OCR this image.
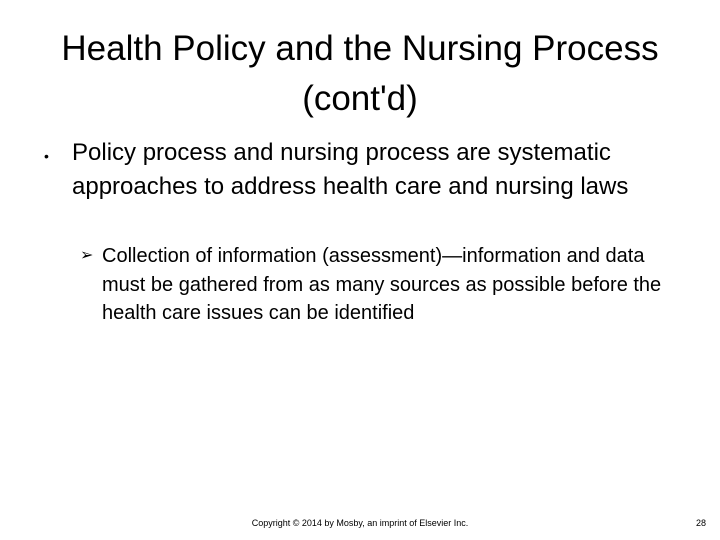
Health Policy and the Nursing Process (cont'd)
• Policy process and nursing process are systematic approaches to address health care and nursing laws
➢ Collection of information (assessment)—information and data must be gathered from as many sources as possible before the health care issues can be identified
Copyright © 2014 by Mosby, an imprint of Elsevier Inc.	28
